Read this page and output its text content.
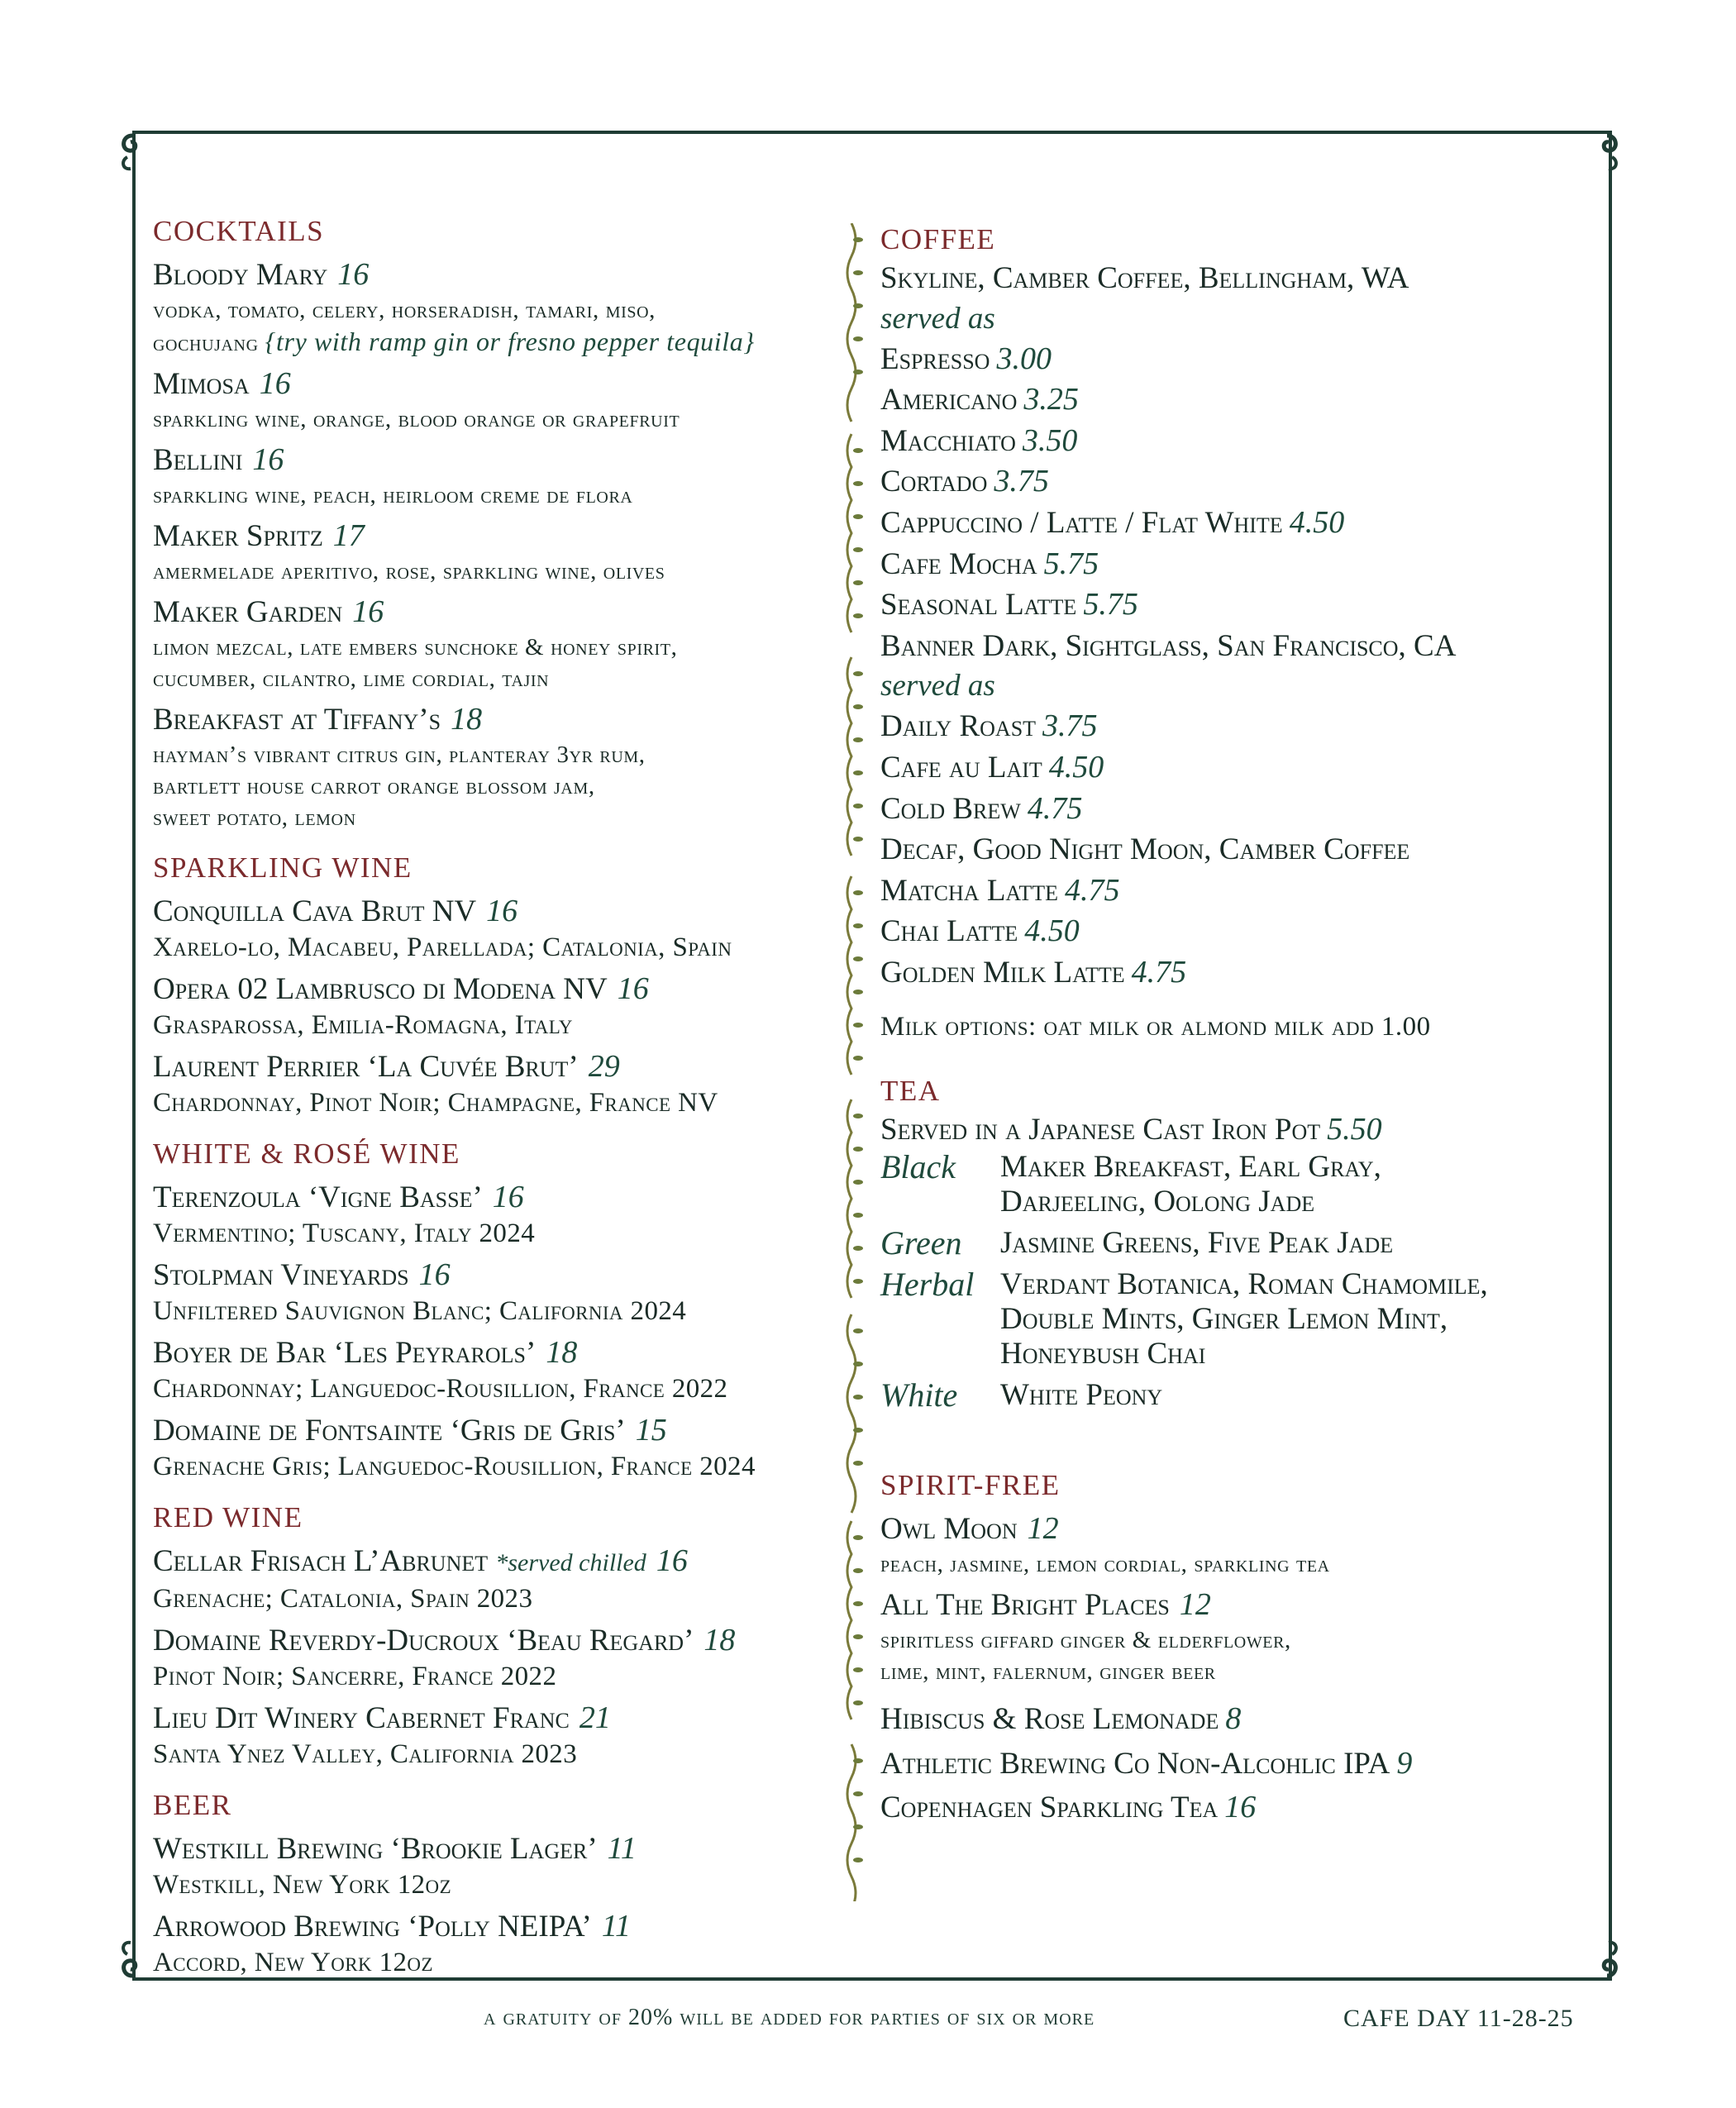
COCKTAILS
Bloody Mary 16
vodka, tomato, celery, horseradish, tamari, miso,
gochujang {try with ramp gin or fresno pepper tequila}
Mimosa 16
sparkling wine, orange, blood orange or grapefruit
Bellini 16
sparkling wine, peach, heirloom creme de flora
Maker Spritz 17
amermelade aperitivo, rose, sparkling wine, olives
Maker Garden 16
limon mezcal, late embers sunchoke & honey spirit,
cucumber, cilantro, lime cordial, tajin
Breakfast at Tiffany’s 18
hayman’s vibrant citrus gin, planteray 3yr rum,
bartlett house carrot orange blossom jam,
sweet potato, lemon
SPARKLING WINE
Conquilla Cava Brut NV 16
Xarelo-lo, Macabeu, Parellada; Catalonia, Spain
Opera 02 Lambrusco di Modena NV 16
Grasparossa, Emilia-Romagna, Italy
Laurent Perrier ‘La Cuvée Brut’ 29
Chardonnay, Pinot Noir; Champagne, France NV
WHITE & ROSÉ WINE
Terenzoula ‘Vigne Basse’ 16
Vermentino; Tuscany, Italy 2024
Stolpman Vineyards 16
Unfiltered Sauvignon Blanc; California 2024
Boyer de Bar ‘Les Peyrarols’ 18
Chardonnay; Languedoc-Rousillion, France 2022
Domaine de Fontsainte ‘Gris de Gris’ 15
Grenache Gris; Languedoc-Rousillion, France 2024
RED WINE
Cellar Frisach L’Abrunet *served chilled 16
Grenache; Catalonia, Spain 2023
Domaine Reverdy-Ducroux ‘Beau Regard’ 18
Pinot Noir; Sancerre, France 2022
Lieu Dit Winery Cabernet Franc 21
Santa Ynez Valley, California 2023
BEER
Westkill Brewing ‘Brookie Lager’ 11
Westkill, New York 12oz
Arrowood Brewing ‘Polly NEIPA’ 11
Accord, New York 12oz
COFFEE
Skyline, Camber Coffee, Bellingham, WA
served as
Espresso 3.00
Americano 3.25
Macchiato 3.50
Cortado 3.75
Cappuccino / Latte / Flat White 4.50
Cafe Mocha 5.75
Seasonal Latte 5.75
Banner Dark, Sightglass, San Francisco, CA
served as
Daily Roast 3.75
Cafe au Lait 4.50
Cold Brew 4.75
Decaf, Good Night Moon, Camber Coffee
Matcha Latte 4.75
Chai Latte 4.50
Golden Milk Latte 4.75
Milk options: oat milk or almond milk add 1.00
TEA
Served in a Japanese Cast Iron Pot 5.50
Black	Maker Breakfast, Earl Gray,
Darjeeling, Oolong Jade
Green	Jasmine Greens, Five Peak Jade
Herbal Verdant Botanica, Roman Chamomile,
Double Mints, Ginger Lemon Mint,
Honeybush Chai
White	White Peony
SPIRIT-FREE
Owl Moon 12
peach, jasmine, lemon cordial, sparkling tea
All The Bright Places 12
spiritless giffard ginger & elderflower,
lime, mint, falernum, ginger beer
Hibiscus & Rose Lemonade 8
Athletic Brewing Co Non-Alcohlic IPA 9
Copenhagen Sparkling Tea 16
a gratuity of 20% will be added for parties of six or more	CAFE DAY 11-28-25
